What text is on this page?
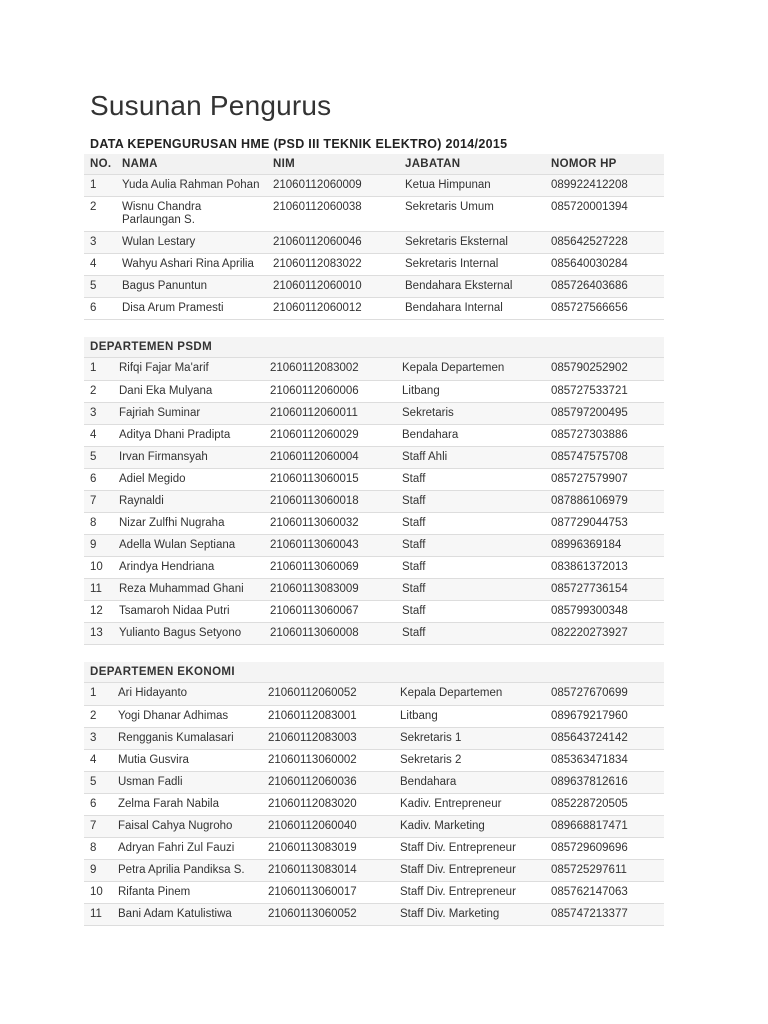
Susunan Pengurus
DATA KEPENGURUSAN HME (PSD III TEKNIK ELEKTRO) 2014/2015
NO.	NAMA	NIM	JABATAN	NOMOR HP
1	Yuda Aulia Rahman Pohan	21060112060009	Ketua Himpunan	089922412208
2	Wisnu Chandra Parlaungan S.	21060112060038	Sekretaris Umum	085720001394
3	Wulan Lestary	21060112060046	Sekretaris Eksternal	085642527228
4	Wahyu Ashari Rina Aprilia	21060112083022	Sekretaris Internal	085640030284
5	Bagus Panuntun	21060112060010	Bendahara Eksternal	085726403686
6	Disa Arum Pramesti	21060112060012	Bendahara Internal	085727566656
DEPARTEMEN PSDM
1	Rifqi Fajar Ma'arif	21060112083002	Kepala Departemen	085790252902
2	Dani Eka Mulyana	21060112060006	Litbang	085727533721
3	Fajriah Suminar	21060112060011	Sekretaris	085797200495
4	Aditya Dhani Pradipta	21060112060029	Bendahara	085727303886
5	Irvan Firmansyah	21060112060004	Staff Ahli	085747575708
6	Adiel Megido	21060113060015	Staff	085727579907
7	Raynaldi	21060113060018	Staff	087886106979
8	Nizar Zulfhi Nugraha	21060113060032	Staff	087729044753
9	Adella Wulan Septiana	21060113060043	Staff	08996369184
10	Arindya Hendriana	21060113060069	Staff	083861372013
11	Reza Muhammad Ghani	21060113083009	Staff	085727736154
12	Tsamaroh Nidaa Putri	21060113060067	Staff	085799300348
13	Yulianto Bagus Setyono	21060113060008	Staff	082220273927
DEPARTEMEN EKONOMI
1	Ari Hidayanto	21060112060052	Kepala Departemen	085727670699
2	Yogi Dhanar Adhimas	21060112083001	Litbang	089679217960
3	Rengganis Kumalasari	21060112083003	Sekretaris 1	085643724142
4	Mutia Gusvira	21060113060002	Sekretaris 2	085363471834
5	Usman Fadli	21060112060036	Bendahara	089637812616
6	Zelma Farah Nabila	21060112083020	Kadiv. Entrepreneur	085228720505
7	Faisal Cahya Nugroho	21060112060040	Kadiv. Marketing	089668817471
8	Adryan Fahri Zul Fauzi	21060113083019	Staff Div. Entrepreneur	085729609696
9	Petra Aprilia Pandiksa S.	21060113083014	Staff Div. Entrepreneur	085725297611
10	Rifanta Pinem	21060113060017	Staff Div. Entrepreneur	085762147063
11	Bani Adam Katulistiwa	21060113060052	Staff Div. Marketing	085747213377
